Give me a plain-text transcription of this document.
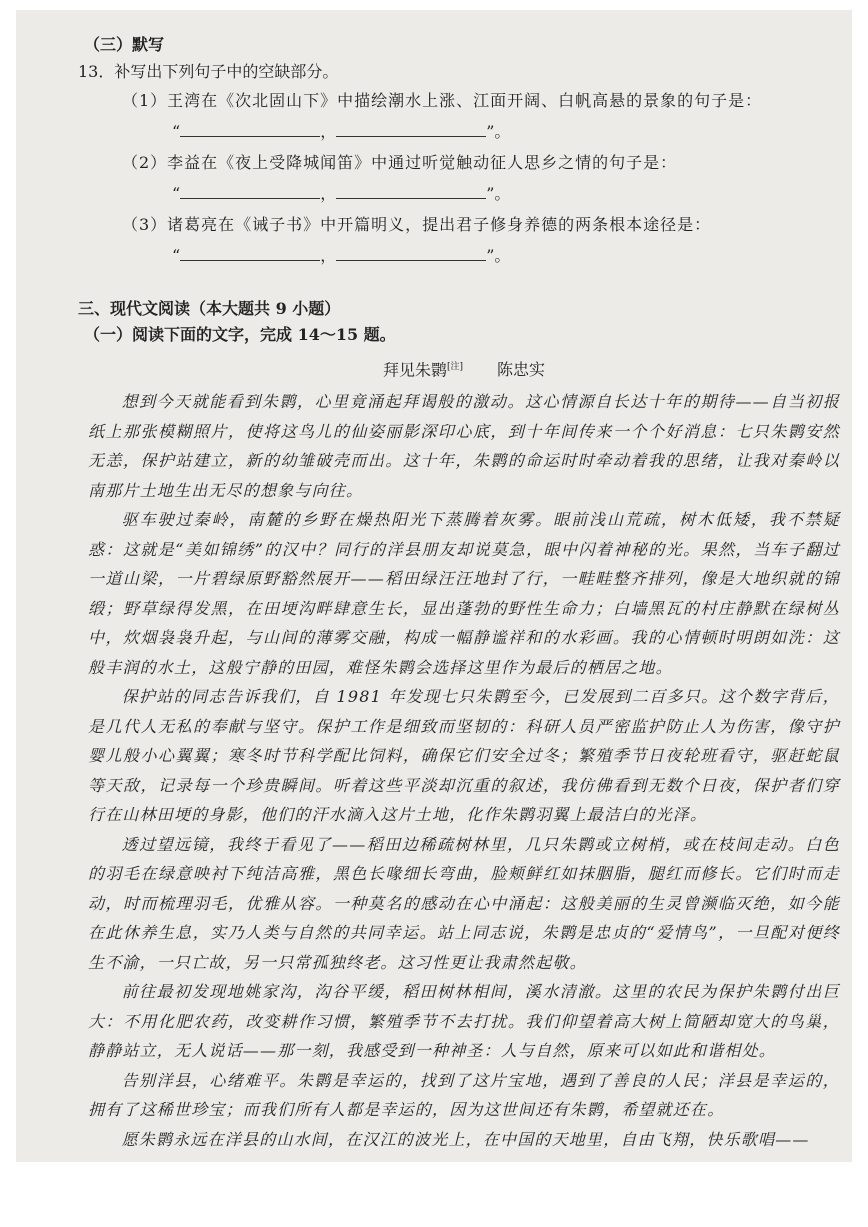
（三）默写
13．补写出下列句子中的空缺部分。
（1）王湾在《次北固山下》中描绘潮水上涨、江面开阔、白帆高悬的景象的句子是：
“	，	”。
（2）李益在《夜上受降城闻笛》中通过听觉触动征人思乡之情的句子是：
“	，	”。
（3）诸葛亮在《诫子书》中开篇明义，提出君子修身养德的两条根本途径是：
“	，	”。
三、现代文阅读（本大题共 9 小题）
（一）阅读下面的文字，完成 14～15 题。
拜见朱鹮[注] 陈忠实

想到今天就能看到朱鹮，心里竟涌起拜谒般的激动。这心情源自长达十年的期待——自当初报纸上那张模糊照片，使将这鸟儿的仙姿丽影深印心底，到十年间传来一个个好消息：七只朱鹮安然无恙，保护站建立，新的幼雏破壳而出。这十年，朱鹮的命运时时牵动着我的思绪，让我对秦岭以南那片土地生出无尽的想象与向往。

驱车驶过秦岭，南麓的乡野在燥热阳光下蒸腾着灰雾。眼前浅山荒疏，树木低矮，我不禁疑惑：这就是“美如锦绣”的汉中？同行的洋县朋友却说莫急，眼中闪着神秘的光。果然，当车子翻过一道山梁，一片碧绿原野豁然展开——稻田绿汪汪地封了行，一畦畦整齐排列，像是大地织就的锦缎；野草绿得发黑，在田埂沟畔肆意生长，显出蓬勃的野性生命力；白墙黑瓦的村庄静默在绿树丛中，炊烟袅袅升起，与山间的薄雾交融，构成一幅静谧祥和的水彩画。我的心情顿时明朗如洗：这般丰润的水土，这般宁静的田园，难怪朱鹮会选择这里作为最后的栖居之地。

保护站的同志告诉我们，自 1981 年发现七只朱鹮至今，已发展到二百多只。这个数字背后，是几代人无私的奉献与坚守。保护工作是细致而坚韧的：科研人员严密监护防止人为伤害，像守护婴儿般小心翼翼；寒冬时节科学配比饲料，确保它们安全过冬；繁殖季节日夜轮班看守，驱赶蛇鼠等天敌，记录每一个珍贵瞬间。听着这些平淡却沉重的叙述，我仿佛看到无数个日夜，保护者们穿行在山林田埂的身影，他们的汗水滴入这片土地，化作朱鹮羽翼上最洁白的光泽。

透过望远镜，我终于看见了——稻田边稀疏树林里，几只朱鹮或立树梢，或在枝间走动。白色的羽毛在绿意映衬下纯洁高雅，黑色长喙细长弯曲，脸颊鲜红如抹胭脂，腿红而修长。它们时而走动，时而梳理羽毛，优雅从容。一种莫名的感动在心中涌起：这般美丽的生灵曾濒临灭绝，如今能在此休养生息，实乃人类与自然的共同幸运。站上同志说，朱鹮是忠贞的“爱情鸟”，一旦配对便终生不渝，一只亡故，另一只常孤独终老。这习性更让我肃然起敬。

前往最初发现地姚家沟，沟谷平缓，稻田树林相间，溪水清澈。这里的农民为保护朱鹮付出巨大：不用化肥农药，改变耕作习惯，繁殖季节不去打扰。我们仰望着高大树上简陋却宽大的鸟巢，静静站立，无人说话——那一刻，我感受到一种神圣：人与自然，原来可以如此和谐相处。

告别洋县，心绪难平。朱鹮是幸运的，找到了这片宝地，遇到了善良的人民；洋县是幸运的，拥有了这稀世珍宝；而我们所有人都是幸运的，因为这世间还有朱鹮，希望就还在。

愿朱鹮永远在洋县的山水间，在汉江的波光上，在中国的天地里，自由飞翔，快乐歌唱——
